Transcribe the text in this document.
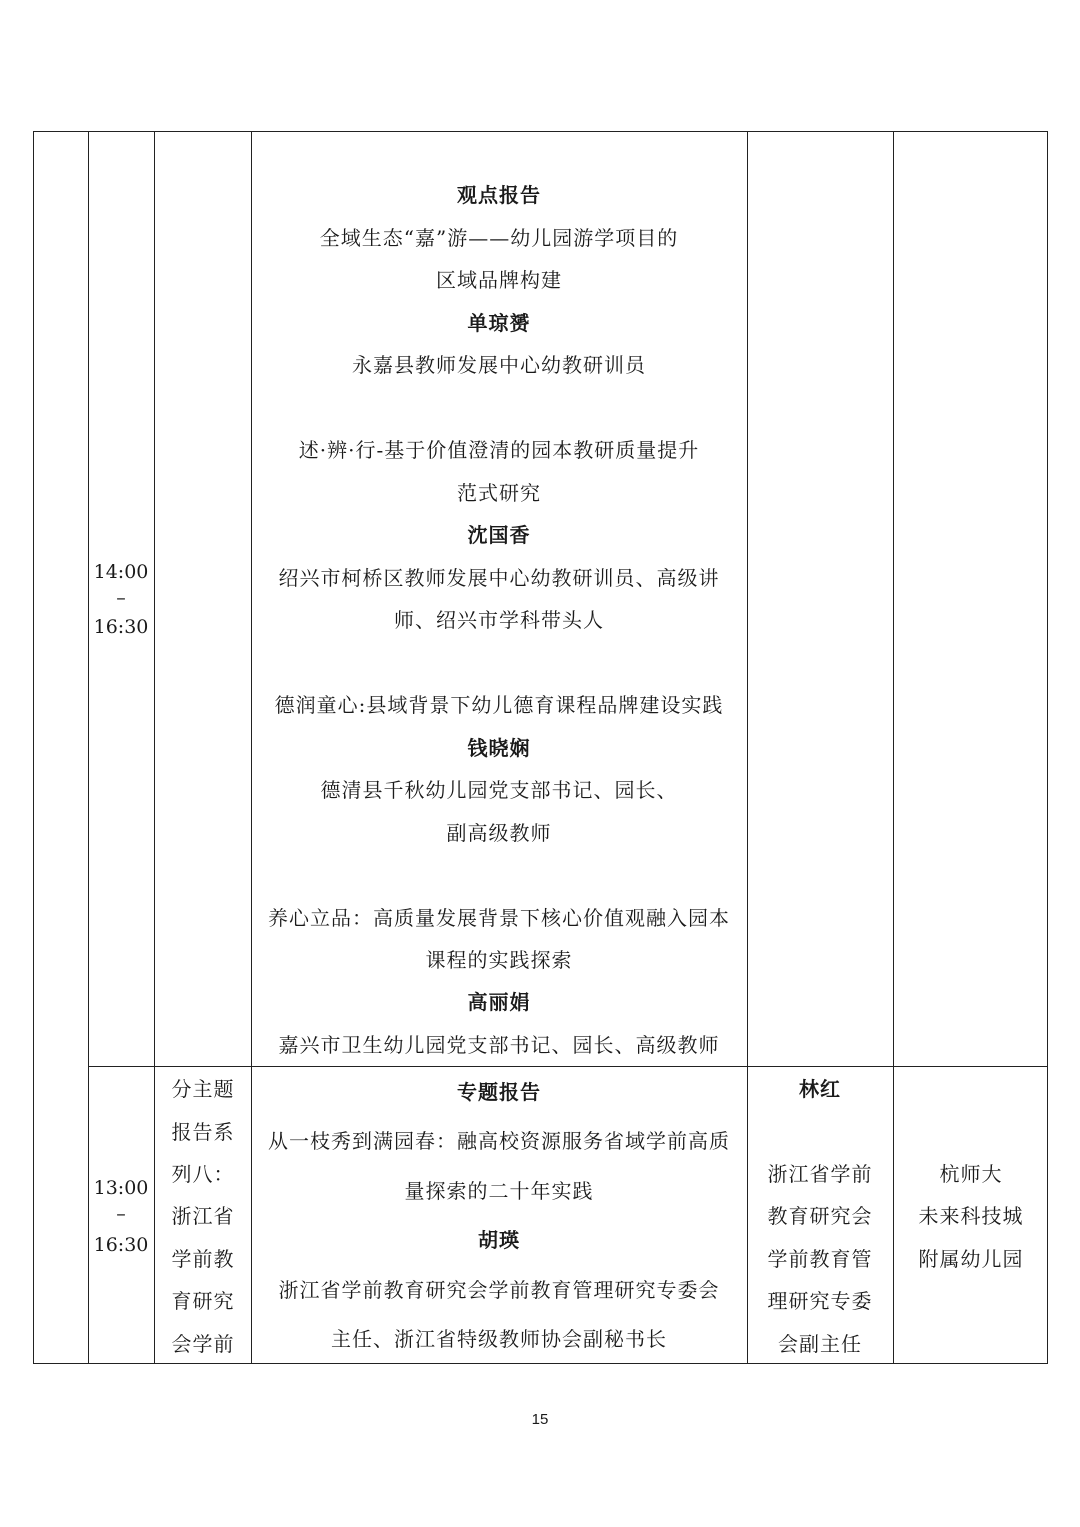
14:00
–
16:30
观点报告
全域生态“嘉”游——幼儿园游学项目的
区域品牌构建
单琼赟
永嘉县教师发展中心幼教研训员
述·辨·行-基于价值澄清的园本教研质量提升
范式研究
沈国香
绍兴市柯桥区教师发展中心幼教研训员、高级讲
师、绍兴市学科带头人
德润童心:县域背景下幼儿德育课程品牌建设实践
钱晓娴
德清县千秋幼儿园党支部书记、园长、
副高级教师
养心立品：高质量发展背景下核心价值观融入园本
课程的实践探索
高丽娟
嘉兴市卫生幼儿园党支部书记、园长、高级教师
13:00
–
16:30
分主题
报告系
列八：
浙江省
学前教
育研究
会学前
专题报告
从一枝秀到满园春：融高校资源服务省域学前高质
量探索的二十年实践
胡瑛
浙江省学前教育研究会学前教育管理研究专委会
主任、浙江省特级教师协会副秘书长
林红
浙江省学前
教育研究会
学前教育管
理研究专委
会副主任
杭师大
未来科技城
附属幼儿园
15
